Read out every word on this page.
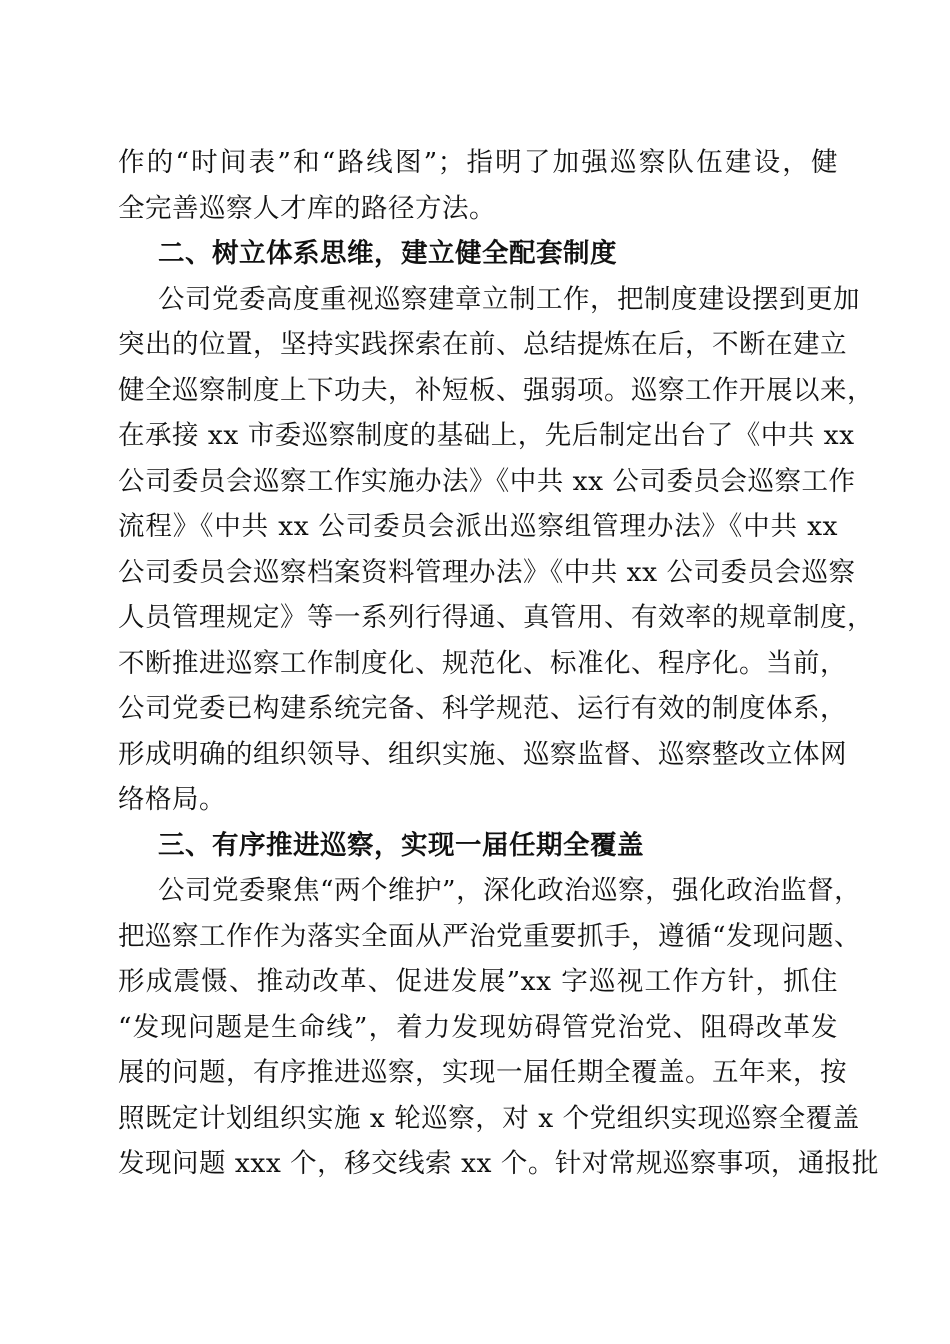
作的“时间表”和“路线图”；指明了加强巡察队伍建设，健
全完善巡察人才库的路径方法。
二、树立体系思维，建立健全配套制度
公司党委高度重视巡察建章立制工作，把制度建设摆到更加
突出的位置，坚持实践探索在前、总结提炼在后，不断在建立
健全巡察制度上下功夫，补短板、强弱项。巡察工作开展以来，
在承接 xx 市委巡察制度的基础上，先后制定出台了《中共 xx
公司委员会巡察工作实施办法》《中共 xx 公司委员会巡察工作
流程》《中共 xx 公司委员会派出巡察组管理办法》《中共 xx
公司委员会巡察档案资料管理办法》《中共 xx 公司委员会巡察
人员管理规定》等一系列行得通、真管用、有效率的规章制度，
不断推进巡察工作制度化、规范化、标准化、程序化。当前，
公司党委已构建系统完备、科学规范、运行有效的制度体系，
形成明确的组织领导、组织实施、巡察监督、巡察整改立体网
络格局。
三、有序推进巡察，实现一届任期全覆盖
公司党委聚焦“两个维护”，深化政治巡察，强化政治监督，
把巡察工作作为落实全面从严治党重要抓手，遵循“发现问题、
形成震慑、推动改革、促进发展”xx 字巡视工作方针，抓住
“发现问题是生命线”，着力发现妨碍管党治党、阻碍改革发
展的问题，有序推进巡察，实现一届任期全覆盖。五年来，按
照既定计划组织实施 x 轮巡察，对 x 个党组织实现巡察全覆盖
发现问题 xxx 个，移交线索 xx 个。针对常规巡察事项，通报批
